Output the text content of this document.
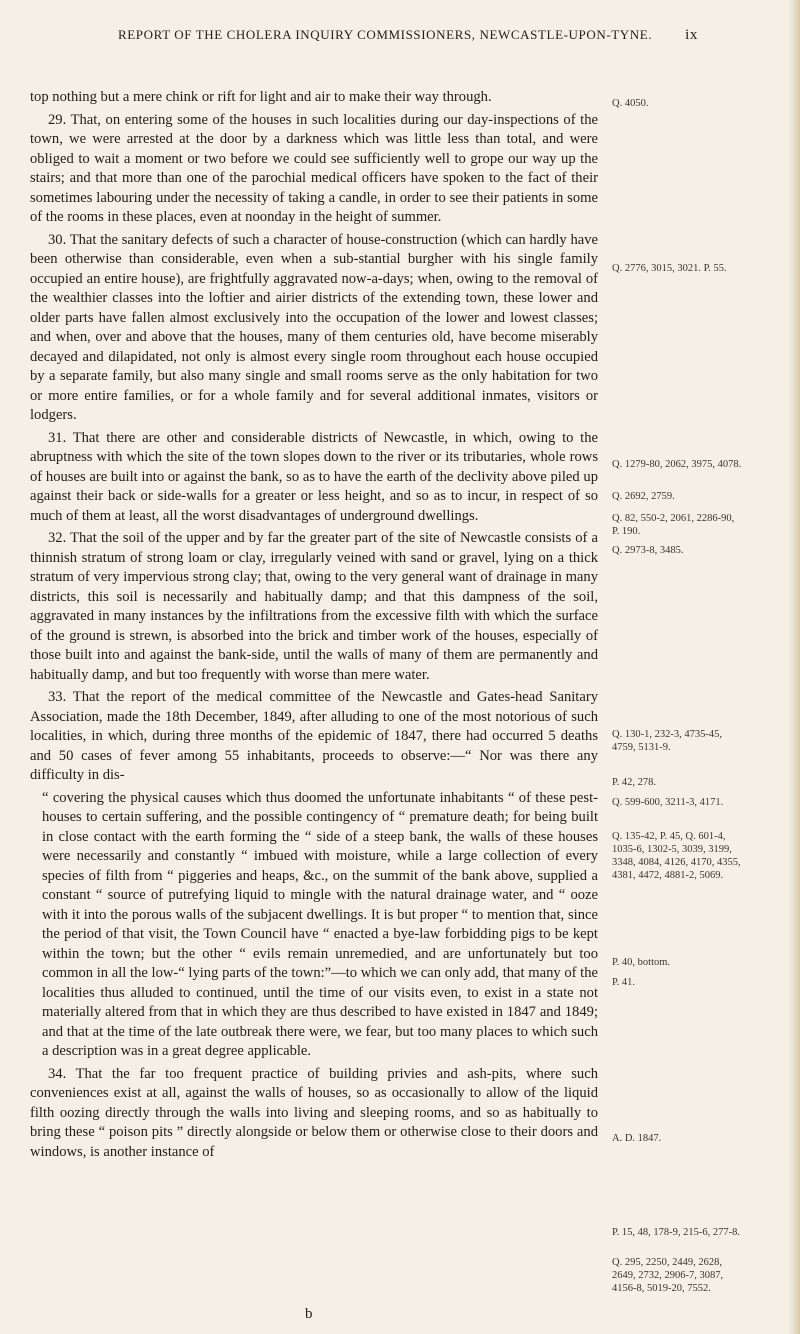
REPORT OF THE CHOLERA INQUIRY COMMISSIONERS, NEWCASTLE-UPON-TYNE. ix

top nothing but a mere chink or rift for light and air to make their way through.

29. That, on entering some of the houses in such localities during our day-inspections of the town, we were arrested at the door by a darkness which was little less than total, and were obliged to wait a moment or two before we could see sufficiently well to grope our way up the stairs; and that more than one of the parochial medical officers have spoken to the fact of their sometimes labouring under the necessity of taking a candle, in order to see their patients in some of the rooms in these places, even at noonday in the height of summer.

30. That the sanitary defects of such a character of house-construction (which can hardly have been otherwise than considerable, even when a sub-stantial burgher with his single family occupied an entire house), are frightfully aggravated now-a-days; when, owing to the removal of the wealthier classes into the loftier and airier districts of the extending town, these lower and older parts have fallen almost exclusively into the occupation of the lower and lowest classes; and when, over and above that the houses, many of them centuries old, have become miserably decayed and dilapidated, not only is almost every single room throughout each house occupied by a separate family, but also many single and small rooms serve as the only habitation for two or more entire families, or for a whole family and for several additional inmates, visitors or lodgers.

31. That there are other and considerable districts of Newcastle, in which, owing to the abruptness with which the site of the town slopes down to the river or its tributaries, whole rows of houses are built into or against the bank, so as to have the earth of the declivity above piled up against their back or side-walls for a greater or less height, and so as to incur, in respect of so much of them at least, all the worst disadvantages of underground dwellings.

32. That the soil of the upper and by far the greater part of the site of Newcastle consists of a thinnish stratum of strong loam or clay, irregularly veined with sand or gravel, lying on a thick stratum of very impervious strong clay; that, owing to the very general want of drainage in many districts, this soil is necessarily and habitually damp; and that this dampness of the soil, aggravated in many instances by the infiltrations from the excessive filth with which the surface of the ground is strewn, is absorbed into the brick and timber work of the houses, especially of those built into and against the bank-side, until the walls of many of them are permanently and habitually damp, and but too frequently with worse than mere water.

33. That the report of the medical committee of the Newcastle and Gates-head Sanitary Association, made the 18th December, 1849, after alluding to one of the most notorious of such localities, in which, during three months of the epidemic of 1847, there had occurred 5 deaths and 50 cases of fever among 55 inhabitants, proceeds to observe:—“ Nor was there any difficulty in dis-

“ covering the physical causes which thus doomed the unfortunate inhabitants “ of these pest-houses to certain suffering, and the possible contingency of “ premature death; for being built in close contact with the earth forming the “ side of a steep bank, the walls of these houses were necessarily and constantly “ imbued with moisture, while a large collection of every species of filth from “ piggeries and heaps, &c., on the summit of the bank above, supplied a constant “ source of putrefying liquid to mingle with the natural drainage water, and “ ooze with it into the porous walls of the subjacent dwellings. It is but proper “ to mention that, since the period of that visit, the Town Council have “ enacted a bye-law forbidding pigs to be kept within the town; but the other “ evils remain unremedied, and are unfortunately but too common in all the low-“ lying parts of the town:”—to which we can only add, that many of the localities thus alluded to continued, until the time of our visits even, to exist in a state not materially altered from that in which they are thus described to have existed in 1847 and 1849; and that at the time of the late outbreak there were, we fear, but too many places to which such a description was in a great degree applicable.

34. That the far too frequent practice of building privies and ash-pits, where such conveniences exist at all, against the walls of houses, so as occasionally to allow of the liquid filth oozing directly through the walls into living and sleeping rooms, and so as habitually to bring these “ poison pits ” directly alongside or below them or otherwise close to their doors and windows, is another instance of

Q. 4050.
Q. 2776, 3015, 3021. P. 55.
Q. 1279-80, 2062, 3975, 4078.
Q. 2692, 2759.
Q. 82, 550-2, 2061, 2286-90, P. 190.
Q. 2973-8, 3485.
Q. 130-1, 232-3, 4735-45, 4759, 5131-9.
P. 42, 278.
Q. 599-600, 3211-3, 4171.
Q. 135-42, P. 45, Q. 601-4, 1035-6, 1302-5, 3039, 3199, 3348, 4084, 4126, 4170, 4355, 4381, 4472, 4881-2, 5069.
P. 40, bottom.
P. 41.
A. D. 1847.
P. 15, 48, 178-9, 215-6, 277-8.
Q. 295, 2250, 2449, 2628, 2649, 2732, 2906-7, 3087, 4156-8, 5019-20, 7552.
b
